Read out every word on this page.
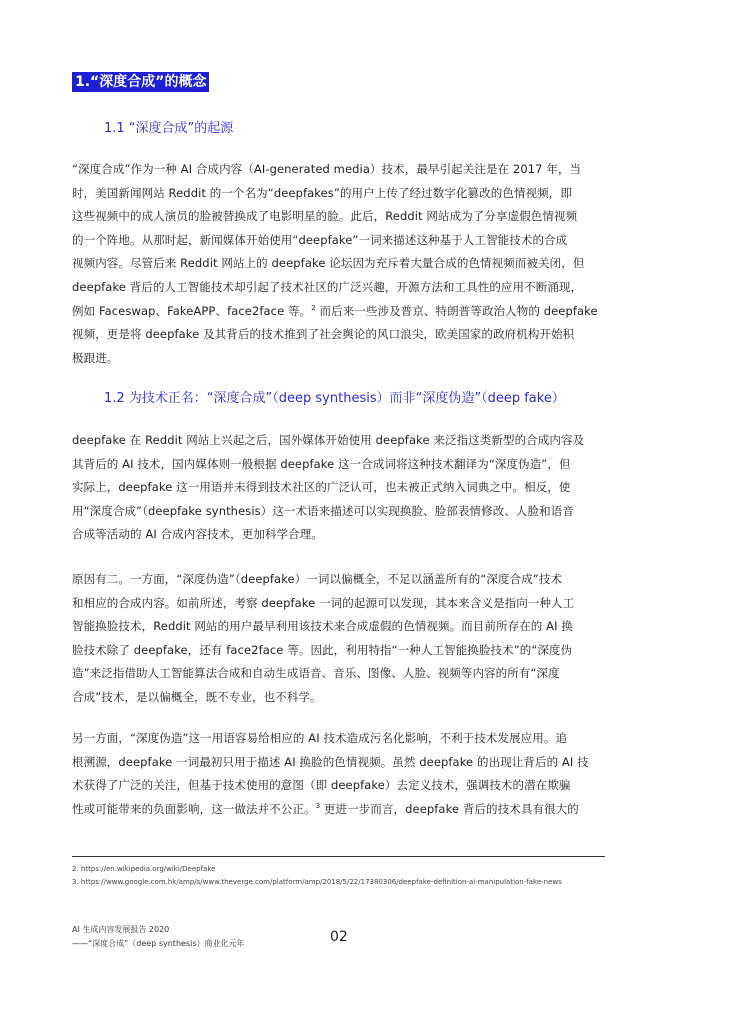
1.“深度合成”的概念
1.1 “深度合成”的起源
“深度合成”作为一种 AI 合成内容（AI-generated media）技术，最早引起关注是在 2017 年，当
时，美国新闻网站 Reddit 的一个名为“deepfakes”的用户上传了经过数字化篡改的色情视频，即
这些视频中的成人演员的脸被替换成了电影明星的脸。此后，Reddit 网站成为了分享虚假色情视频
的一个阵地。从那时起，新闻媒体开始使用“deepfake”一词来描述这种基于人工智能技术的合成
视频内容。尽管后来 Reddit 网站上的 deepfake 论坛因为充斥着大量合成的色情视频而被关闭，但
deepfake 背后的人工智能技术却引起了技术社区的广泛兴趣，开源方法和工具性的应用不断涌现，
例如 Faceswap、FakeAPP、face2face 等。$^2$ 而后来一些涉及普京、特朗普等政治人物的 deepfake
视频，更是将 deepfake 及其背后的技术推到了社会舆论的风口浪尖，欧美国家的政府机构开始积
极跟进。
1.2 为技术正名：“深度合成”（deep synthesis）而非“深度伪造”（deep fake）
deepfake 在 Reddit 网站上兴起之后，国外媒体开始使用 deepfake 来泛指这类新型的合成内容及
其背后的 AI 技术，国内媒体则一般根据 deepfake 这一合成词将这种技术翻译为“深度伪造”，但
实际上，deepfake 这一用语并未得到技术社区的广泛认可，也未被正式纳入词典之中。相反，使
用“深度合成”（deepfake synthesis）这一术语来描述可以实现换脸、脸部表情修改、人脸和语音
合成等活动的 AI 合成内容技术，更加科学合理。
原因有二。一方面，“深度伪造”（deepfake）一词以偏概全，不足以涵盖所有的“深度合成”技术
和相应的合成内容。如前所述，考察 deepfake 一词的起源可以发现，其本来含义是指向一种人工
智能换脸技术，Reddit 网站的用户最早利用该技术来合成虚假的色情视频。而目前所存在的 AI 换
脸技术除了 deepfake，还有 face2face 等。因此，利用特指“一种人工智能换脸技术”的“深度伪
造”来泛指借助人工智能算法合成和自动生成语音、音乐、图像、人脸、视频等内容的所有“深度
合成”技术，是以偏概全，既不专业，也不科学。
另一方面，“深度伪造”这一用语容易给相应的 AI 技术造成污名化影响，不利于技术发展应用。追
根溯源，deepfake 一词最初只用于描述 AI 换脸的色情视频。虽然 deepfake 的出现让背后的 AI 技
术获得了广泛的关注，但基于技术使用的意图（即 deepfake）去定义技术，强调技术的潜在欺骗
性或可能带来的负面影响，这一做法并不公正。$^3$ 更进一步而言，deepfake 背后的技术具有很大的
2. https://en.wikipedia.org/wiki/Deepfake
3. https://www.google.com.hk/amp/s/www.theverge.com/platform/amp/2018/5/22/17380306/deepfake-definition-ai-manipulation-fake-news
AI 生成内容发展报告 2020
——“深度合成”（deep synthesis）商业化元年	02
